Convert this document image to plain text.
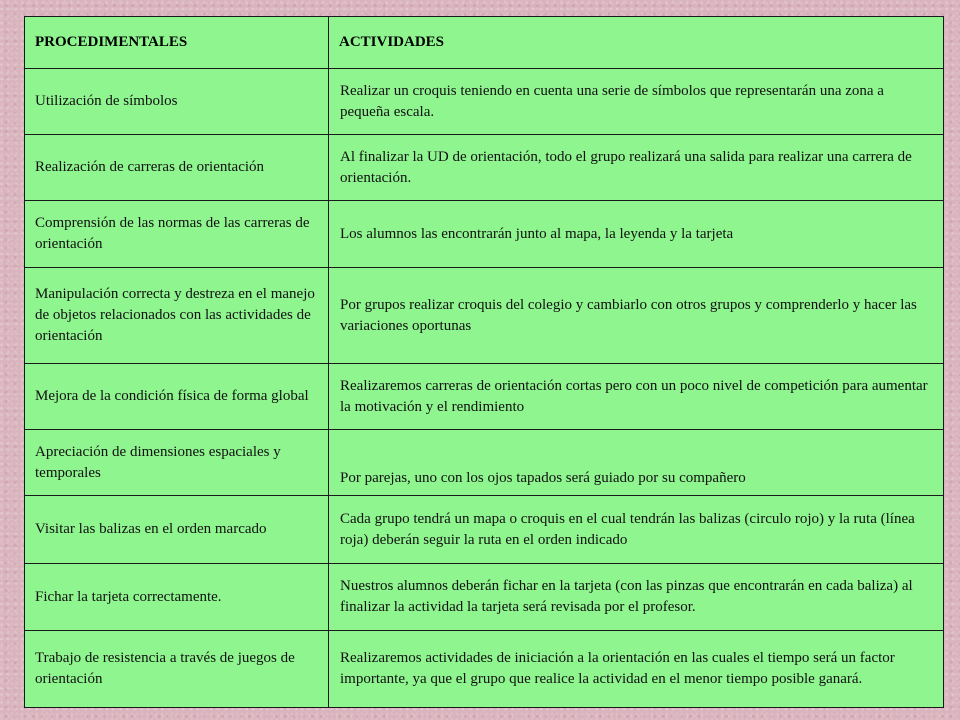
PROCEDIMENTALES	ACTIVIDADES
Utilización de símbolos	Realizar un croquis teniendo en cuenta una serie de símbolos que representarán una zona a pequeña escala.
Realización de carreras de orientación	Al finalizar la UD de orientación, todo el grupo realizará una salida para realizar una carrera de orientación.
Comprensión de las normas de las carreras de orientación	Los alumnos las encontrarán junto al mapa, la leyenda y la tarjeta
Manipulación correcta y destreza en el manejo de objetos relacionados con las actividades de orientación	Por grupos realizar croquis del colegio y cambiarlo con otros grupos y comprenderlo y hacer las variaciones oportunas
Mejora de la condición física de forma global	Realizaremos carreras de orientación cortas pero con un poco nivel de competición para aumentar la motivación y el rendimiento
Apreciación de dimensiones espaciales y temporales	Por parejas, uno con los ojos tapados será guiado por su compañero
Visitar las balizas en el orden marcado	Cada grupo tendrá un mapa o croquis en el cual tendrán las balizas (circulo rojo) y la ruta (línea roja) deberán seguir la ruta en el orden indicado
Fichar la tarjeta correctamente.	Nuestros alumnos deberán fichar en la tarjeta (con las pinzas que encontrarán en cada baliza) al finalizar la actividad la tarjeta será revisada por el profesor.
Trabajo de resistencia a través de juegos de orientación	Realizaremos actividades de iniciación a la orientación en las cuales el tiempo será un factor importante, ya que el grupo que realice la actividad en el menor tiempo posible ganará.
